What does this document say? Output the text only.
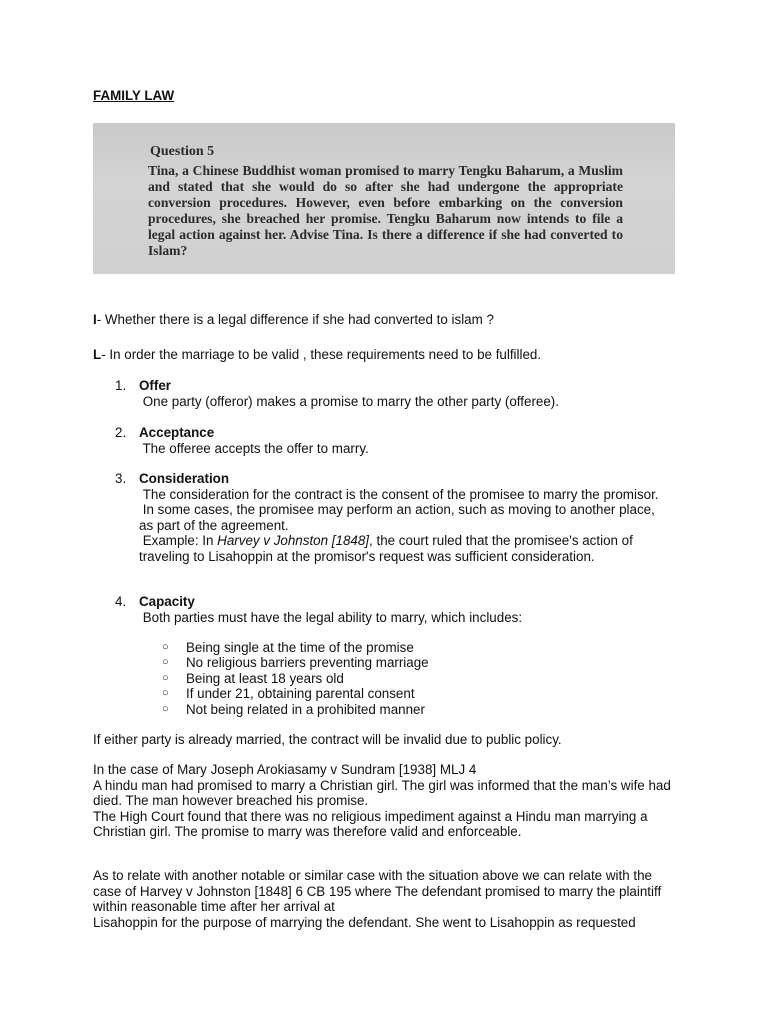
FAMILY LAW

Question 5
Tina, a Chinese Buddhist woman promised to marry Tengku Baharum, a Muslim and stated that she would do so after she had undergone the appropriate conversion procedures. However, even before embarking on the conversion procedures, she breached her promise. Tengku Baharum now intends to file a legal action against her. Advise Tina. Is there a difference if she had converted to Islam?

I- Whether there is a legal difference if she had converted to islam ?

L- In order the marriage to be valid , these requirements need to be fulfilled.

1. Offer
One party (offeror) makes a promise to marry the other party (offeree).
2. Acceptance
The offeree accepts the offer to marry.
3. Consideration
The consideration for the contract is the consent of the promisee to marry the promisor.
In some cases, the promisee may perform an action, such as moving to another place, as part of the agreement.
Example: In Harvey v Johnston [1848], the court ruled that the promisee's action of traveling to Lisahoppin at the promisor's request was sufficient consideration.
4. Capacity
Both parties must have the legal ability to marry, which includes:
○ Being single at the time of the promise
○ No religious barriers preventing marriage
○ Being at least 18 years old
○ If under 21, obtaining parental consent
○ Not being related in a prohibited manner

If either party is already married, the contract will be invalid due to public policy.

In the case of Mary Joseph Arokiasamy v Sundram [1938] MLJ 4
A hindu man had promised to marry a Christian girl. The girl was informed that the man’s wife had died. The man however breached his promise.
The High Court found that there was no religious impediment against a Hindu man marrying a Christian girl. The promise to marry was therefore valid and enforceable.
As to relate with another notable or similar case with the situation above we can relate with the case of Harvey v Johnston [1848] 6 CB 195 where The defendant promised to marry the plaintiff within reasonable time after her arrival at
Lisahoppin for the purpose of marrying the defendant. She went to Lisahoppin as requested
